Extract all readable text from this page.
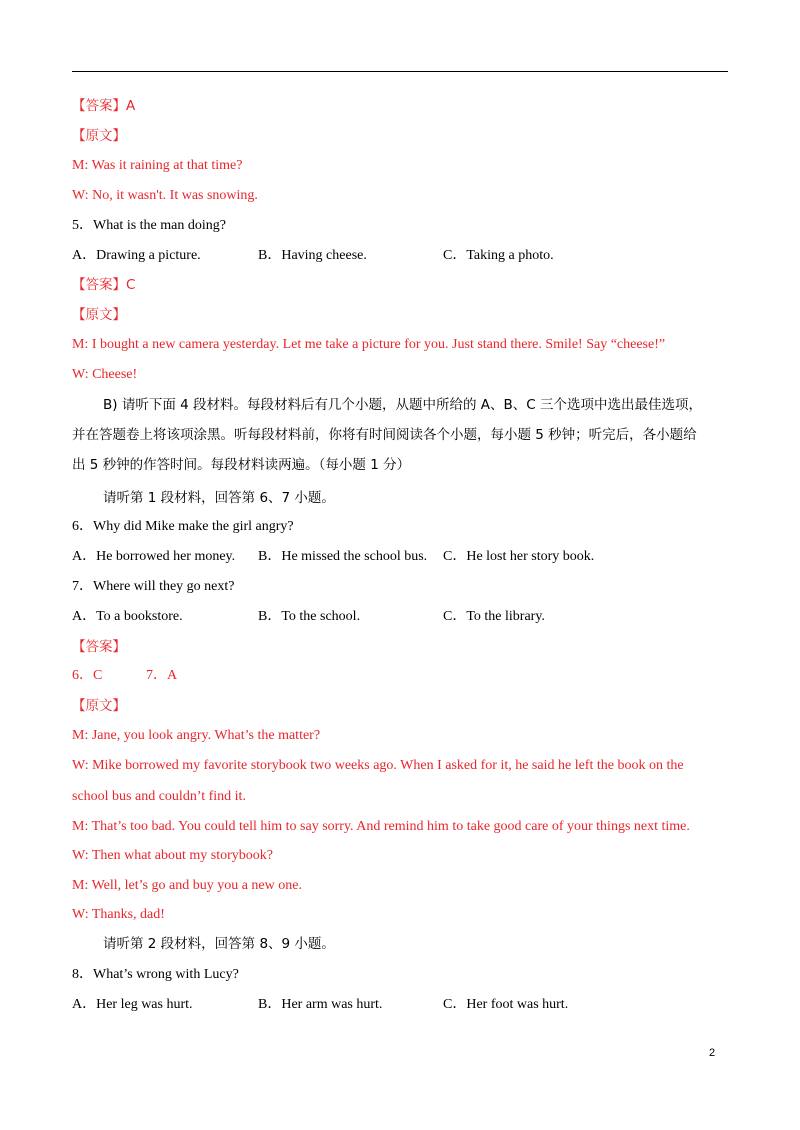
【答案】A
【原文】
M: Was it raining at that time?
W: No, it wasn't. It was snowing.
5．What is the man doing?
A．Drawing a picture.	B．Having cheese.	C．Taking a photo.
【答案】C
【原文】
M: I bought a new camera yesterday. Let me take a picture for you. Just stand there. Smile! Say “cheese!”
W: Cheese!
请听第 1 段材料，回答第 6、7 小题。
6．Why did Mike make the girl angry?
A．He borrowed her money. B．He missed the school bus. C．He lost her story book.
7．Where will they go next?
A．To a bookstore.	B．To the school.	C．To the library.
【答案】
6．C	7．A
【原文】
M: Jane, you look angry. What’s the matter?
W: Mike borrowed my favorite storybook two weeks ago. When I asked for it, he said he left the book on the
school bus and couldn’t find it.
M: That’s too bad. You could tell him to say sorry. And remind him to take good care of your things next time.
W: Then what about my storybook?
M: Well, let’s go and buy you a new one.
W: Thanks, dad!
请听第 2 段材料，回答第 8、9 小题。
8．What’s wrong with Lucy?
A．Her leg was hurt.	B．Her arm was hurt.	C．Her foot was hurt.
B) 请听下面 4 段材料。每段材料后有几个小题，从题中所给的 A、B、C 三个选项中选出最佳选项，
并在答题卷上将该项涂黑。听每段材料前，你将有时间阅读各个小题，每小题 5 秒钟；听完后，各小题给
出 5 秒钟的作答时间。每段材料读两遍。（每小题 1 分）
2
